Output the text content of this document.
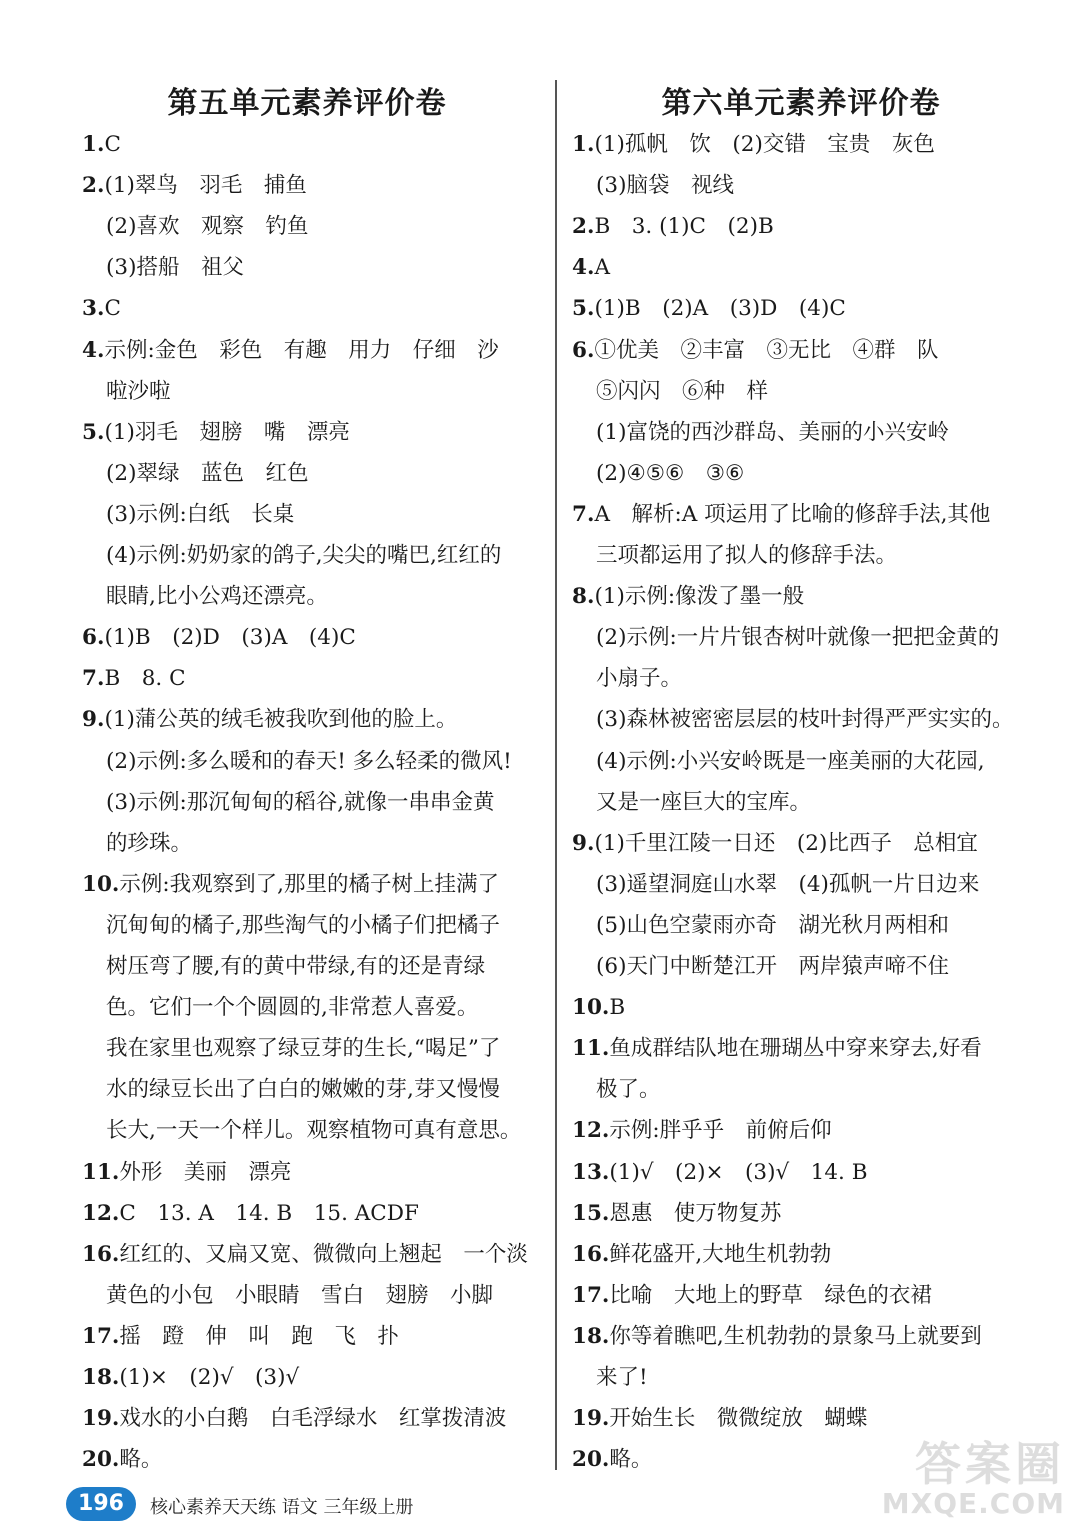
第五单元素养评价卷
1.C
2.(1)翠鸟　羽毛　捕鱼
(2)喜欢　观察　钓鱼
(3)搭船　祖父
3.C
4.示例:金色　彩色　有趣　用力　仔细　沙
啦沙啦
5.(1)羽毛　翅膀　嘴　漂亮
(2)翠绿　蓝色　红色
(3)示例:白纸　长桌
(4)示例:奶奶家的鸽子,尖尖的嘴巴,红红的
眼睛,比小公鸡还漂亮。
6.(1)B　(2)D　(3)A　(4)C
7.B　8. C
9.(1)蒲公英的绒毛被我吹到他的脸上。
(2)示例:多么暖和的春天! 多么轻柔的微风!
(3)示例:那沉甸甸的稻谷,就像一串串金黄
的珍珠。
10.示例:我观察到了,那里的橘子树上挂满了
沉甸甸的橘子,那些淘气的小橘子们把橘子
树压弯了腰,有的黄中带绿,有的还是青绿
色。它们一个个圆圆的,非常惹人喜爱。
我在家里也观察了绿豆芽的生长,“喝足”了
水的绿豆长出了白白的嫩嫩的芽,芽又慢慢
长大,一天一个样儿。观察植物可真有意思。
11.外形　美丽　漂亮
12.C　13. A　14. B　15. ACDF
16.红红的、又扁又宽、微微向上翘起　一个淡
黄色的小包　小眼睛　雪白　翅膀　小脚
17.摇　蹬　伸　叫　跑　飞　扑
18.(1)×　(2)√　(3)√
19.戏水的小白鹅　白毛浮绿水　红掌拨清波
20.略。
第六单元素养评价卷
1.(1)孤帆　饮　(2)交错　宝贵　灰色
(3)脑袋　视线
2.B　3. (1)C　(2)B
4.A
5.(1)B　(2)A　(3)D　(4)C
6.①优美　②丰富　③无比　④群　队
⑤闪闪　⑥种　样
(1)富饶的西沙群岛、美丽的小兴安岭
(2)④⑤⑥　③⑥
7.A　解析:A 项运用了比喻的修辞手法,其他
三项都运用了拟人的修辞手法。
8.(1)示例:像泼了墨一般
(2)示例:一片片银杏树叶就像一把把金黄的
小扇子。
(3)森林被密密层层的枝叶封得严严实实的。
(4)示例:小兴安岭既是一座美丽的大花园,
又是一座巨大的宝库。
9.(1)千里江陵一日还　(2)比西子　总相宜
(3)遥望洞庭山水翠　(4)孤帆一片日边来
(5)山色空蒙雨亦奇　湖光秋月两相和
(6)天门中断楚江开　两岸猿声啼不住
10.B
11.鱼成群结队地在珊瑚丛中穿来穿去,好看
极了。
12.示例:胖乎乎　前俯后仰
13.(1)√　(2)×　(3)√　14. B
15.恩惠　使万物复苏
16.鲜花盛开,大地生机勃勃
17.比喻　大地上的野草　绿色的衣裙
18.你等着瞧吧,生机勃勃的景象马上就要到
来了!
19.开始生长　微微绽放　蝴蝶
20.略。
196	核心素养天天练 语文 三年级上册
答案圈
MXQE.COM
